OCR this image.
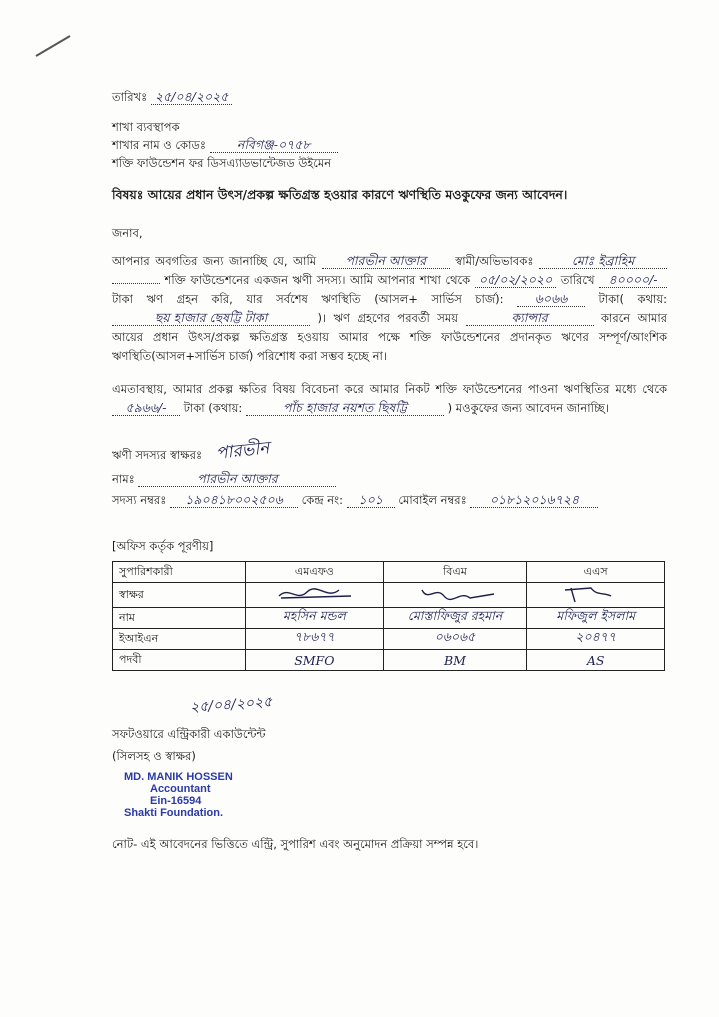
তারিখঃ ২৫/০৪/২০২৫
শাখা ব্যবস্থাপক
শাখার নাম ও কোডঃ নবিগঞ্জ-০৭৫৮
শক্তি ফাউন্ডেশন ফর ডিসএ্যাডভান্টেজড উইমেন
বিষয়ঃ আয়ের প্রধান উৎস/প্রকল্প ক্ষতিগ্রস্ত হওয়ার কারণে ঋণস্থিতি মওকুফের জন্য আবেদন।
জনাব,
আপনার অবগতির জন্য জানাচ্ছি যে, আমি পারভীন আক্তার	স্বামী/অভিভাবকঃ	মোঃ ইব্রাহিম  শক্তি ফাউন্ডেশনের একজন ঋণী সদস্য। আমি আপনার শাখা থেকে ০৫/০২/২০২০ তারিখে ৪০০০০/- টাকা ঋণ গ্রহন করি, যার সর্বশেষ ঋণস্থিতি (আসল+ সার্ভিস চার্জ):	৬০৬৬	টাকা( কথায়: ছয় হাজার ছেষট্টি টাকা	)। ঋণ গ্রহণের পরবর্তী সময়	ক্যান্সার	কারনে আমার আয়ের প্রধান উৎস/প্রকল্প ক্ষতিগ্রস্ত হওয়ায় আমার পক্ষে শক্তি ফাউন্ডেশনের প্রদানকৃত ঋণের সম্পূর্ণ/আংশিক ঋণস্থিতি(আসল+সার্ভিস চার্জ) পরিশোধ করা সম্ভব হচ্ছে না।
এমতাবস্থায়, আমার প্রকল্প ক্ষতির বিষয় বিবেচনা করে আমার নিকট শক্তি ফাউন্ডেশনের পাওনা ঋণস্থিতির মধ্যে থেকে ৫৯৬৬/- টাকা (কথায়:	পাঁচ হাজার নয়শত ছিষট্টি	) মওকুফের জন্য আবেদন জানাচ্ছি।
ঋণী সদস্যর স্বাক্ষরঃ পারভীন
নামঃ	পারভীন আক্তার
সদস্য নম্বরঃ ১৯০৪১৮০০২৫০৬ কেন্দ্র নং: ১০১ মোবাইল নম্বরঃ ০১৮১২০১৬৭২৪
[অফিস কর্তৃক পূরণীয়]
সুপারিশকারী	এমএফও	বিএম	এএস
স্বাক্ষর			
নাম	মহসিন মন্ডল	মোস্তাফিজুর রহমান	মফিজুল ইসলাম
ইআইএন	৭৮৬৭৭	০৬০৬৫	২০৪৭৭
পদবী	SMFO	BM	AS
২৫/০৪/২০২৫
সফটওয়ারে এন্ট্রিকারী একাউন্টেন্ট
(সিলসহ ও স্বাক্ষর)
MD. MANIK HOSSEN
Accountant
Ein-16594
Shakti Foundation.
নোট- এই আবেদনের ভিত্তিতে এন্ট্রি, সুপারিশ এবং অনুমোদন প্রক্রিয়া সম্পন্ন হবে।
